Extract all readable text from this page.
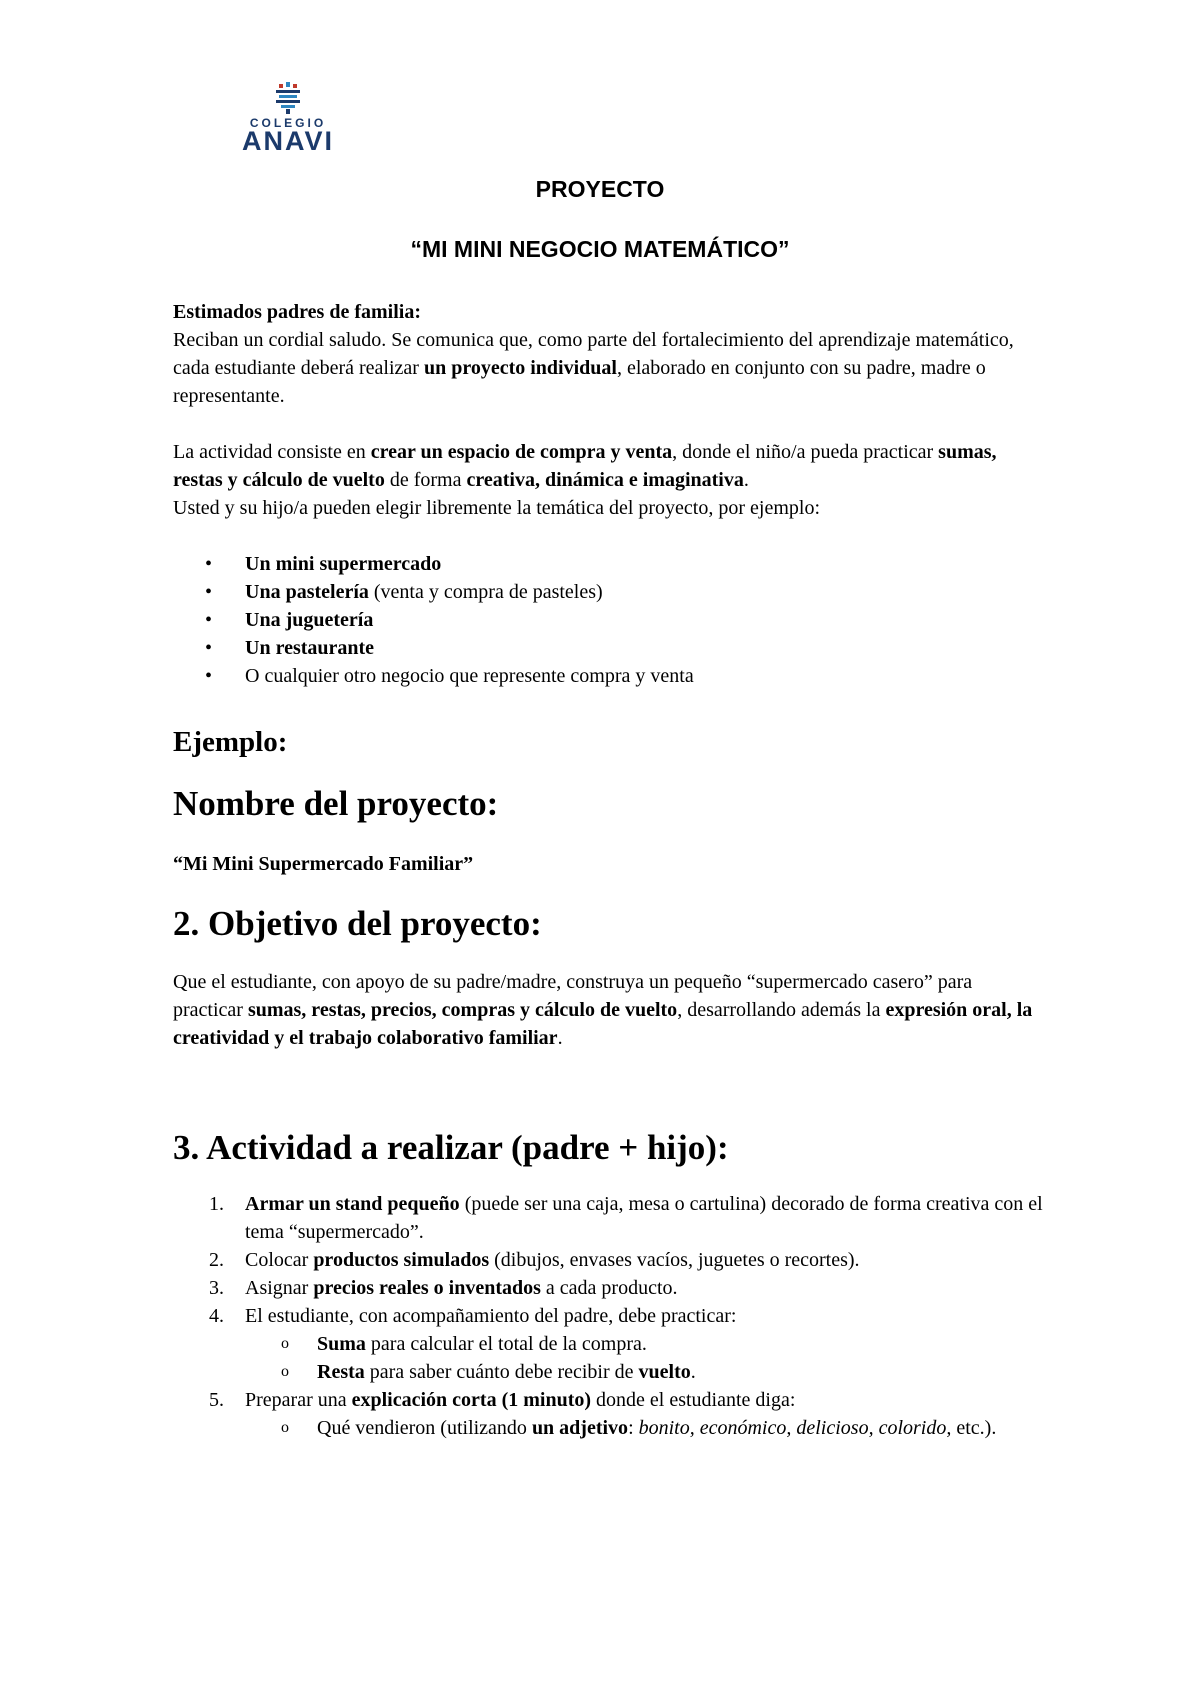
COLEGIO
ANAVI
PROYECTO
“MI MINI NEGOCIO MATEMÁTICO”

Estimados padres de familia:

Reciban un cordial saludo. Se comunica que, como parte del fortalecimiento del aprendizaje matemático, cada estudiante deberá realizar un proyecto individual, elaborado en conjunto con su padre, madre o representante.

La actividad consiste en crear un espacio de compra y venta, donde el niño/a pueda practicar sumas, restas y cálculo de vuelto de forma creativa, dinámica e imaginativa.

Usted y su hijo/a pueden elegir libremente la temática del proyecto, por ejemplo:

• Un mini supermercado
• Una pastelería (venta y compra de pasteles)
• Una juguetería
• Un restaurante
• O cualquier otro negocio que represente compra y venta

Ejemplo:

Nombre del proyecto:

“Mi Mini Supermercado Familiar”

2. Objetivo del proyecto:

Que el estudiante, con apoyo de su padre/madre, construya un pequeño “supermercado casero” para practicar sumas, restas, precios, compras y cálculo de vuelto, desarrollando además la expresión oral, la creatividad y el trabajo colaborativo familiar.

3. Actividad a realizar (padre + hijo):

1. Armar un stand pequeño (puede ser una caja, mesa o cartulina) decorado de forma creativa con el tema “supermercado”.
2. Colocar productos simulados (dibujos, envases vacíos, juguetes o recortes).
3. Asignar precios reales o inventados a cada producto.
4. El estudiante, con acompañamiento del padre, debe practicar:
o Suma para calcular el total de la compra.
o Resta para saber cuánto debe recibir de vuelto.
5. Preparar una explicación corta (1 minuto) donde el estudiante diga:
o Qué vendieron (utilizando un adjetivo: bonito, económico, delicioso, colorido, etc.).
